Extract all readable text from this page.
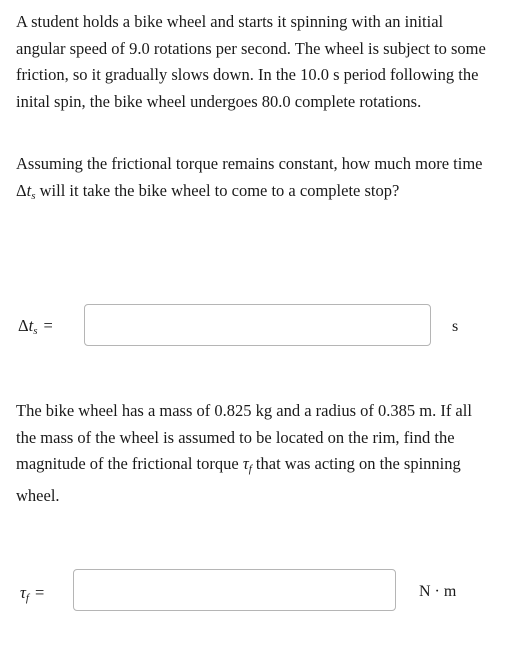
A student holds a bike wheel and starts it spinning with an initial angular speed of 9.0 rotations per second. The wheel is subject to some friction, so it gradually slows down. In the 10.0 s period following the inital spin, the bike wheel undergoes 80.0 complete rotations.

Assuming the frictional torque remains constant, how much more time Δts will it take the bike wheel to come to a complete stop?

$\Delta t_s$ =	s

The bike wheel has a mass of 0.825 kg and a radius of 0.385 m. If all the mass of the wheel is assumed to be located on the rim, find the magnitude of the frictional torque τf that was acting on the spinning wheel.

$\tau_f$ =	N · m
